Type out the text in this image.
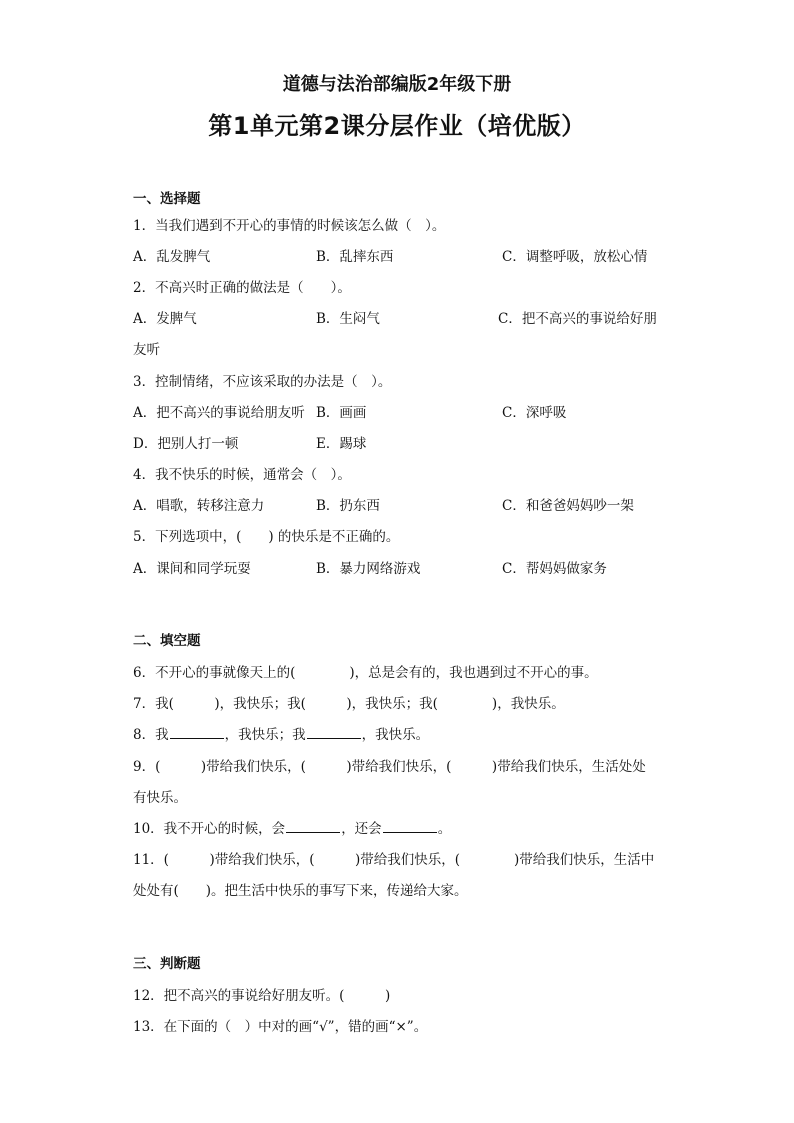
道德与法治部编版2年级下册
第1单元第2课分层作业（培优版）
一、选择题
1．当我们遇到不开心的事情的时候该怎么做（　）。
A．乱发脾气	B．乱摔东西	C．调整呼吸，放松心情
2．不高兴时正确的做法是（　　）。
A．发脾气	B．生闷气	C．把不高兴的事说给好朋
友听
3．控制情绪，不应该采取的办法是（　）。
A．把不高兴的事说给朋友听 B．画画	C．深呼吸
D．把别人打一顿	E．踢球
4．我不快乐的时候，通常会（　）。
A．唱歌，转移注意力	B．扔东西	C．和爸爸妈妈吵一架
5．下列选项中，(　　) 的快乐是不正确的。
A．课间和同学玩耍	B．暴力网络游戏	C．帮妈妈做家务
二、填空题
6．不开心的事就像天上的(　　　　)，总是会有的，我也遇到过不开心的事。
7．我(　　　)，我快乐；我(　　　)，我快乐；我(　　　　)，我快乐。
8．我	，我快乐；我	，我快乐。
9．(　　　)带给我们快乐，(　　　)带给我们快乐，(　　　)带给我们快乐，生活处处
有快乐。
10．我不开心的时候，会	，还会	。
11．(　　　)带给我们快乐，(　　　)带给我们快乐，(　　　　)带给我们快乐，生活中
处处有(　　)。把生活中快乐的事写下来，传递给大家。
三、判断题
12．把不高兴的事说给好朋友听。(　　　)
13．在下面的（　）中对的画“√”，错的画“×”。
